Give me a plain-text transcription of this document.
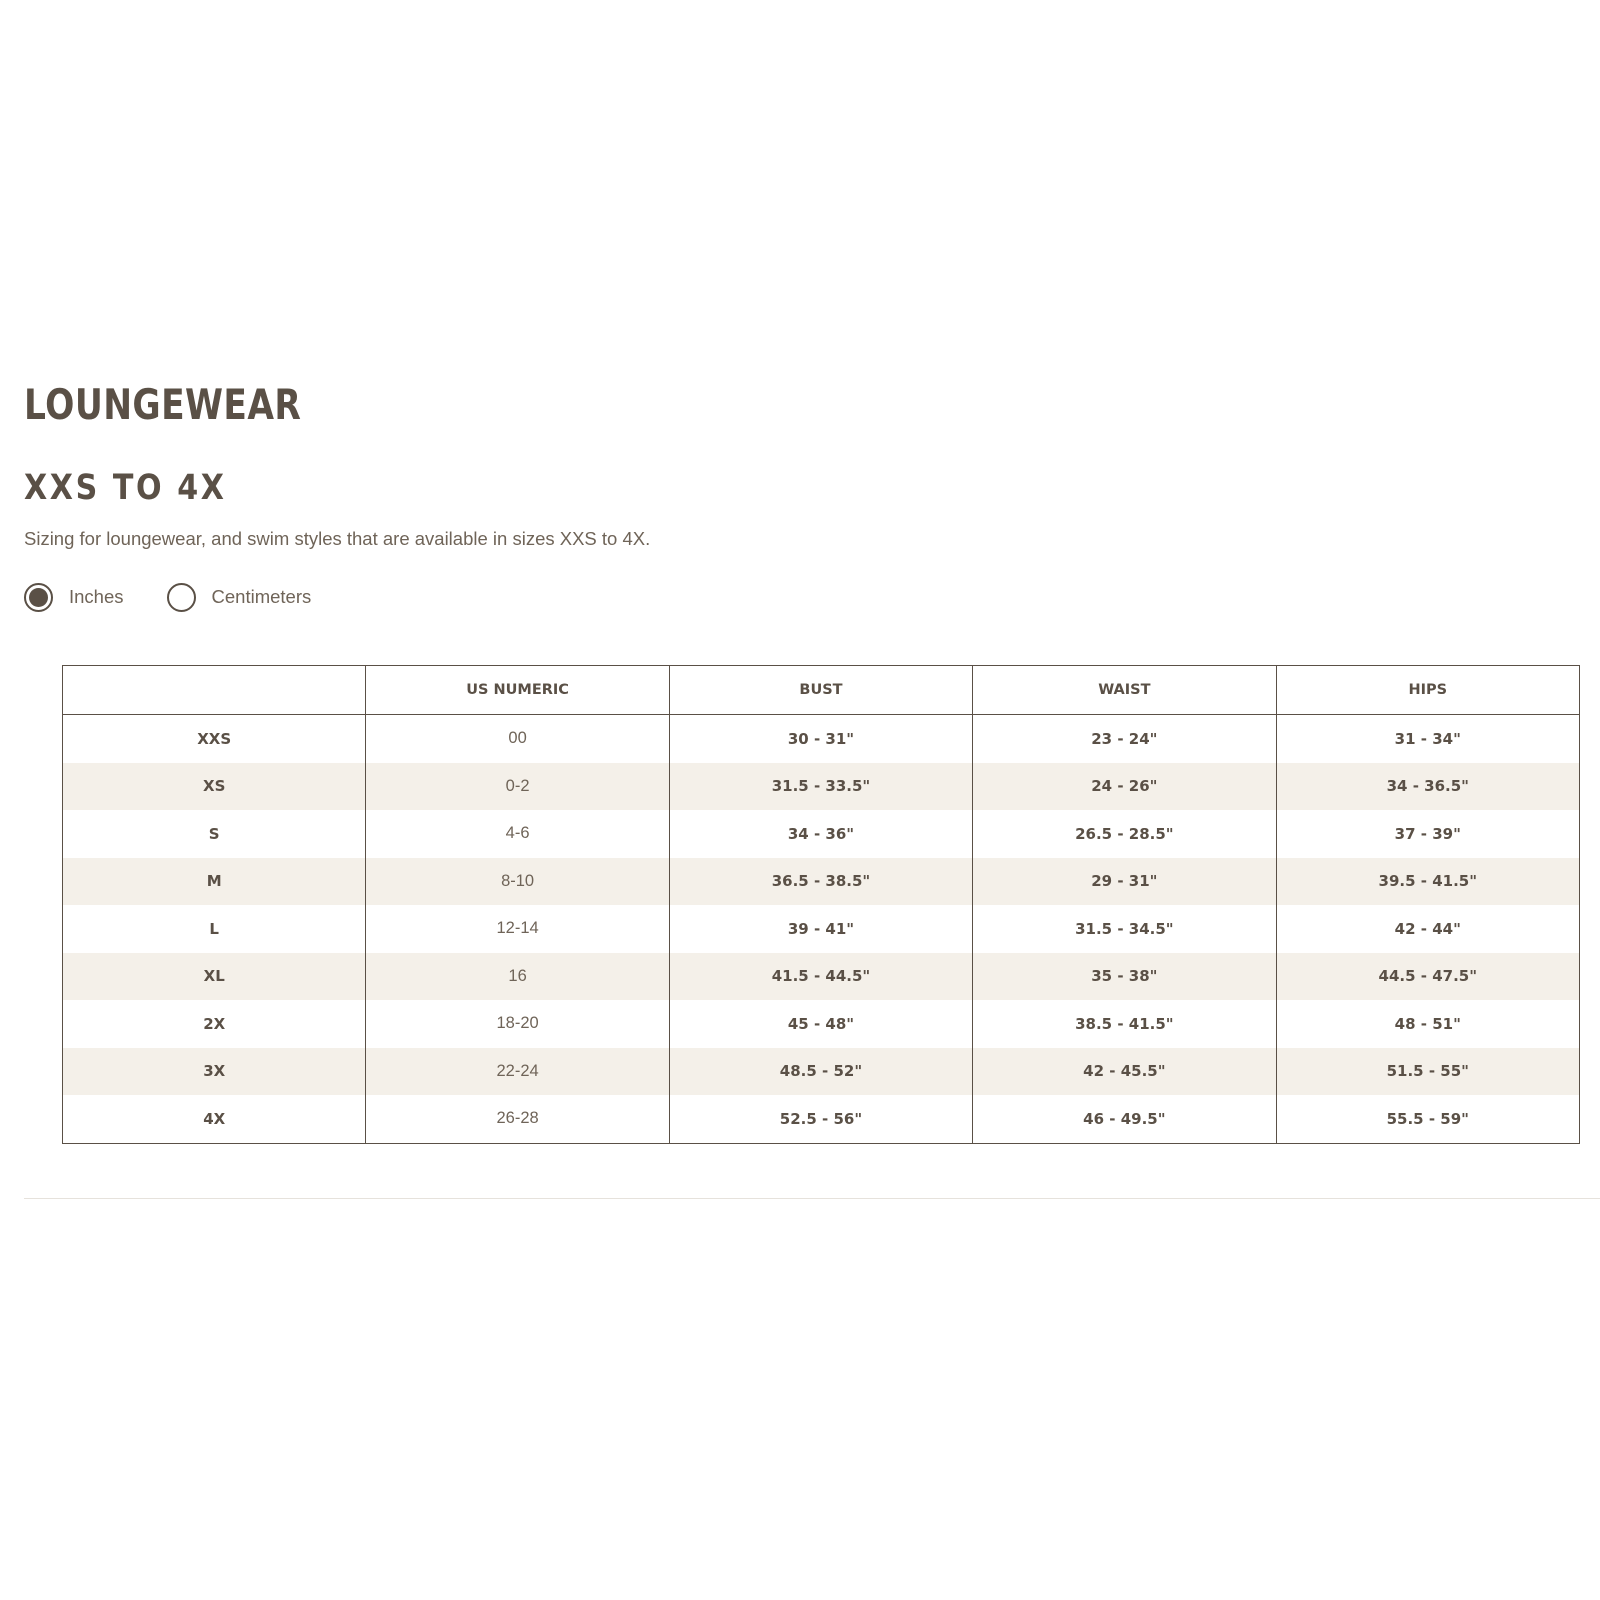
LOUNGEWEAR
XXS TO 4X

Sizing for loungewear, and swim styles that are available in sizes XXS to 4X.

Inches	Centimeters
	US NUMERIC	BUST	WAIST	HIPS
XXS	00	30 - 31"	23 - 24"	31 - 34"
XS	0-2	31.5 - 33.5"	24 - 26"	34 - 36.5"
S	4-6	34 - 36"	26.5 - 28.5"	37 - 39"
M	8-10	36.5 - 38.5"	29 - 31"	39.5 - 41.5"
L	12-14	39 - 41"	31.5 - 34.5"	42 - 44"
XL	16	41.5 - 44.5"	35 - 38"	44.5 - 47.5"
2X	18-20	45 - 48"	38.5 - 41.5"	48 - 51"
3X	22-24	48.5 - 52"	42 - 45.5"	51.5 - 55"
4X	26-28	52.5 - 56"	46 - 49.5"	55.5 - 59"
